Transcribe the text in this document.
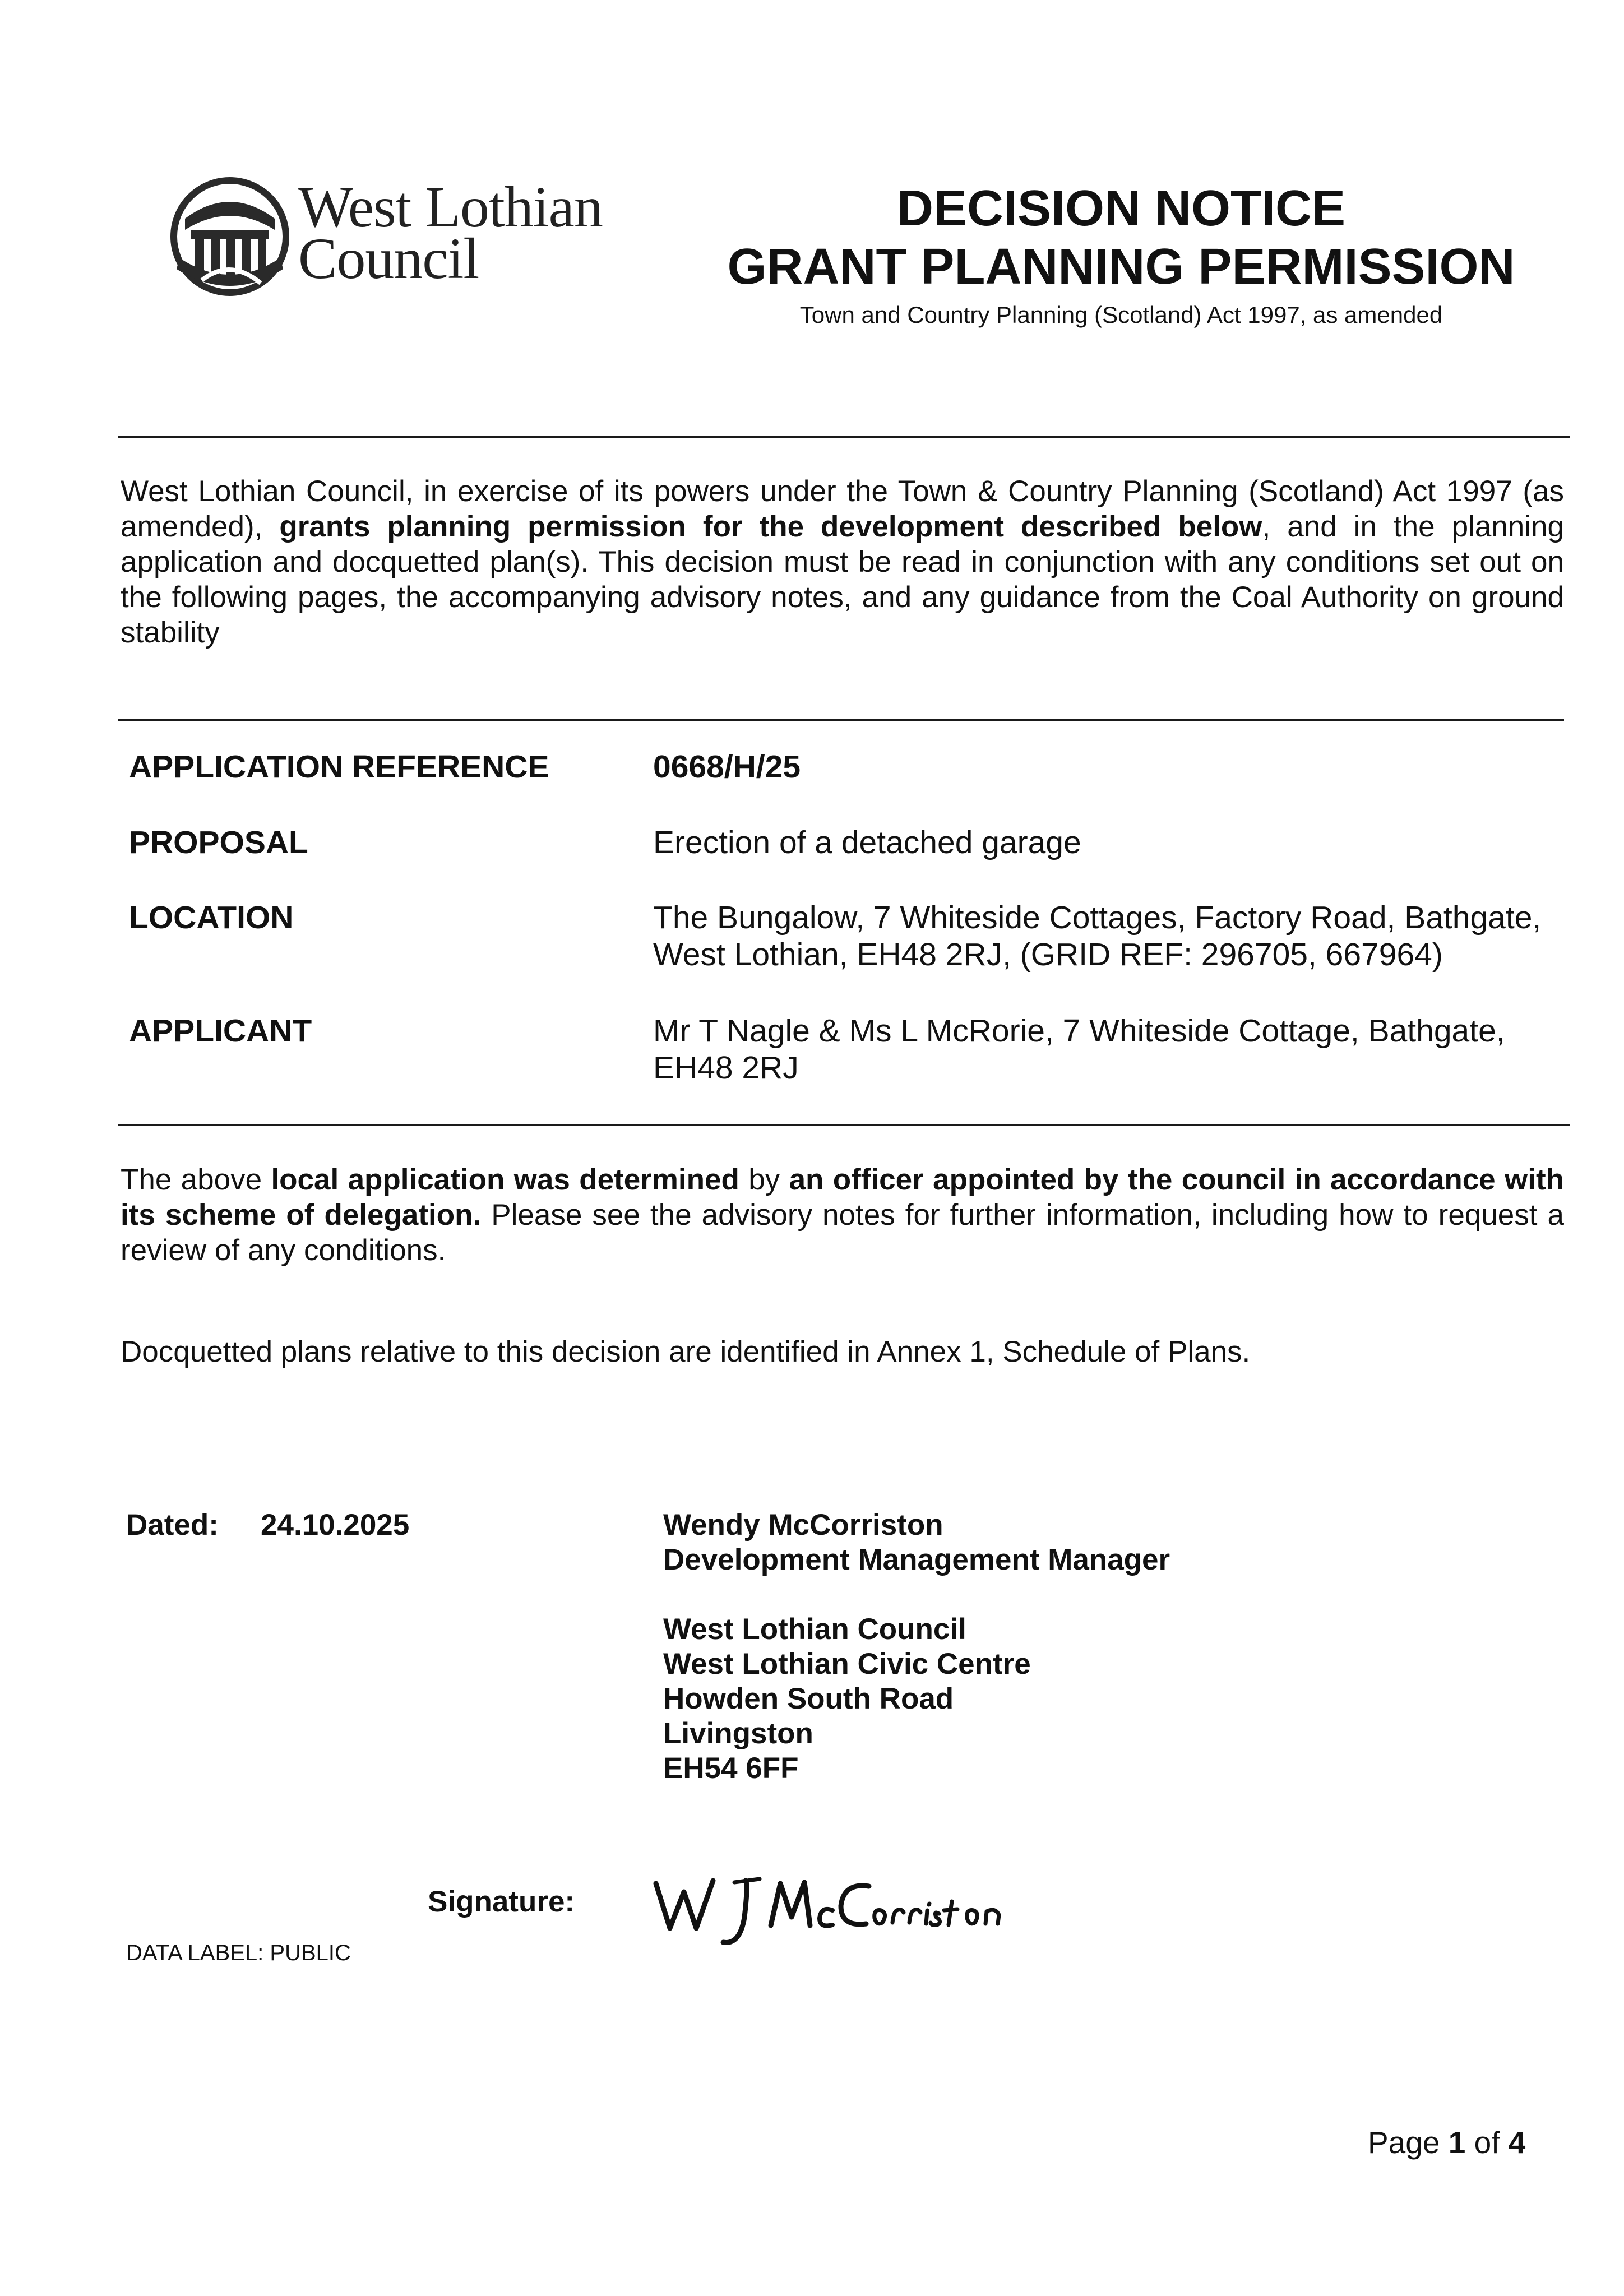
West Lothian
Council
DECISION NOTICE
GRANT PLANNING PERMISSION
Town and Country Planning (Scotland) Act 1997, as amended
West Lothian Council, in exercise of its powers under the Town & Country Planning (Scotland) Act 1997 (as amended), grants planning permission for the development described below, and in the planning application and docquetted plan(s). This decision must be read in conjunction with any conditions set out on the following pages, the accompanying advisory notes, and any guidance from the Coal Authority on ground stability
APPLICATION REFERENCE	0668/H/25
PROPOSAL	Erection of a detached garage
LOCATION	The Bungalow, 7 Whiteside Cottages, Factory Road, Bathgate, West Lothian, EH48 2RJ, (GRID REF: 296705, 667964)
APPLICANT	Mr T Nagle & Ms L McRorie, 7 Whiteside Cottage, Bathgate, EH48 2RJ
The above local application was determined by an officer appointed by the council in accordance with its scheme of delegation. Please see the advisory notes for further information, including how to request a review of any conditions.
Docquetted plans relative to this decision are identified in Annex 1, Schedule of Plans.
Dated: 24.10.2025	Wendy McCorriston
Development Management Manager
West Lothian Council
West Lothian Civic Centre
Howden South Road
Livingston
EH54 6FF
Signature:
DATA LABEL: PUBLIC
Page 1 of 4
